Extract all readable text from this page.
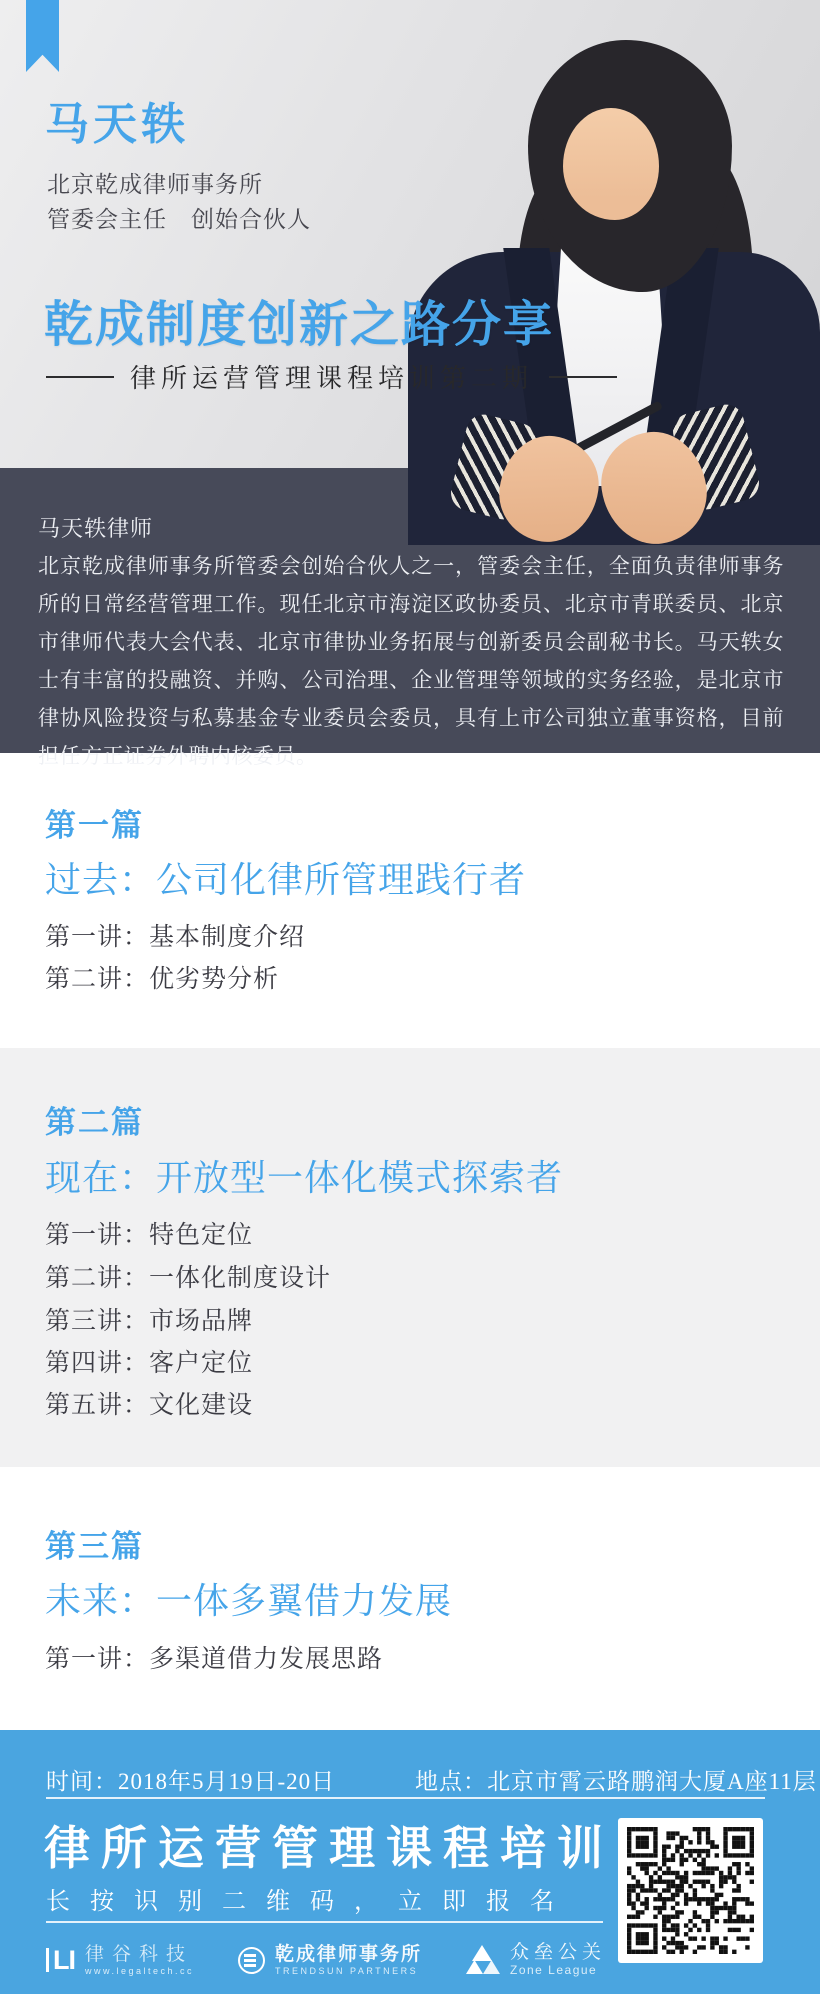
马天轶
北京乾成律师事务所
管委会主任　创始合伙人
乾成制度创新之路分享
律所运营管理课程培训第二期
马天轶律师
北京乾成律师事务所管委会创始合伙人之一，管委会主任，全面负责律师事务所的日常经营管理工作。现任北京市海淀区政协委员、北京市青联委员、北京市律师代表大会代表、北京市律协业务拓展与创新委员会副秘书长。马天轶女士有丰富的投融资、并购、公司治理、企业管理等领域的实务经验，是北京市律协风险投资与私募基金专业委员会委员，具有上市公司独立董事资格，目前担任方正证券外聘内核委员。
第一篇
过去：公司化律所管理践行者
第一讲：基本制度介绍
第二讲：优劣势分析
第二篇
现在：开放型一体化模式探索者
第一讲：特色定位
第二讲：一体化制度设计
第三讲：市场品牌
第四讲：客户定位
第五讲：文化建设
第三篇
未来：一体多翼借力发展
第一讲：多渠道借力发展思路
时间：2018年5月19日-20日	地点：北京市霄云路鹏润大厦A座11层
律所运营管理课程培训
长按识别二维码，立即报名
LI 律谷科技
www.legaltech.cc
乾成律师事务所
TRENDSUN PARTNERS
众垒公关
Zone League
